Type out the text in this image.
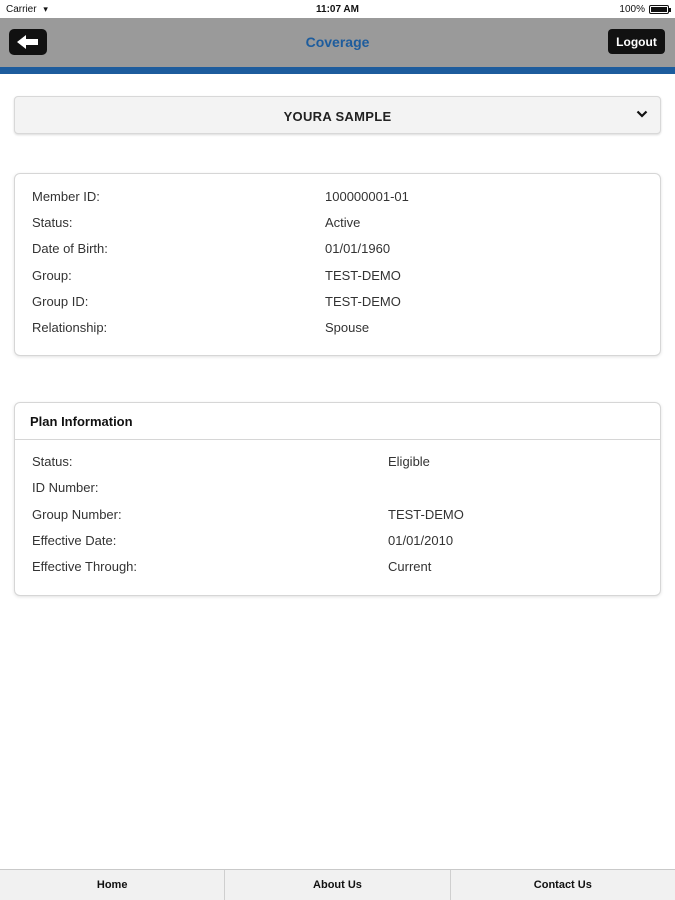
Carrier ▾	11:07 AM	100%
Coverage	Logout
YOURA SAMPLE
Member ID:	100000001-01
Status:	Active
Date of Birth:	01/01/1960
Group:	TEST-DEMO
Group ID:	TEST-DEMO
Relationship:	Spouse
Plan Information
Status:	Eligible
ID Number:
Group Number:	TEST-DEMO
Effective Date:	01/01/2010
Effective Through:	Current
Home	About Us	Contact Us
